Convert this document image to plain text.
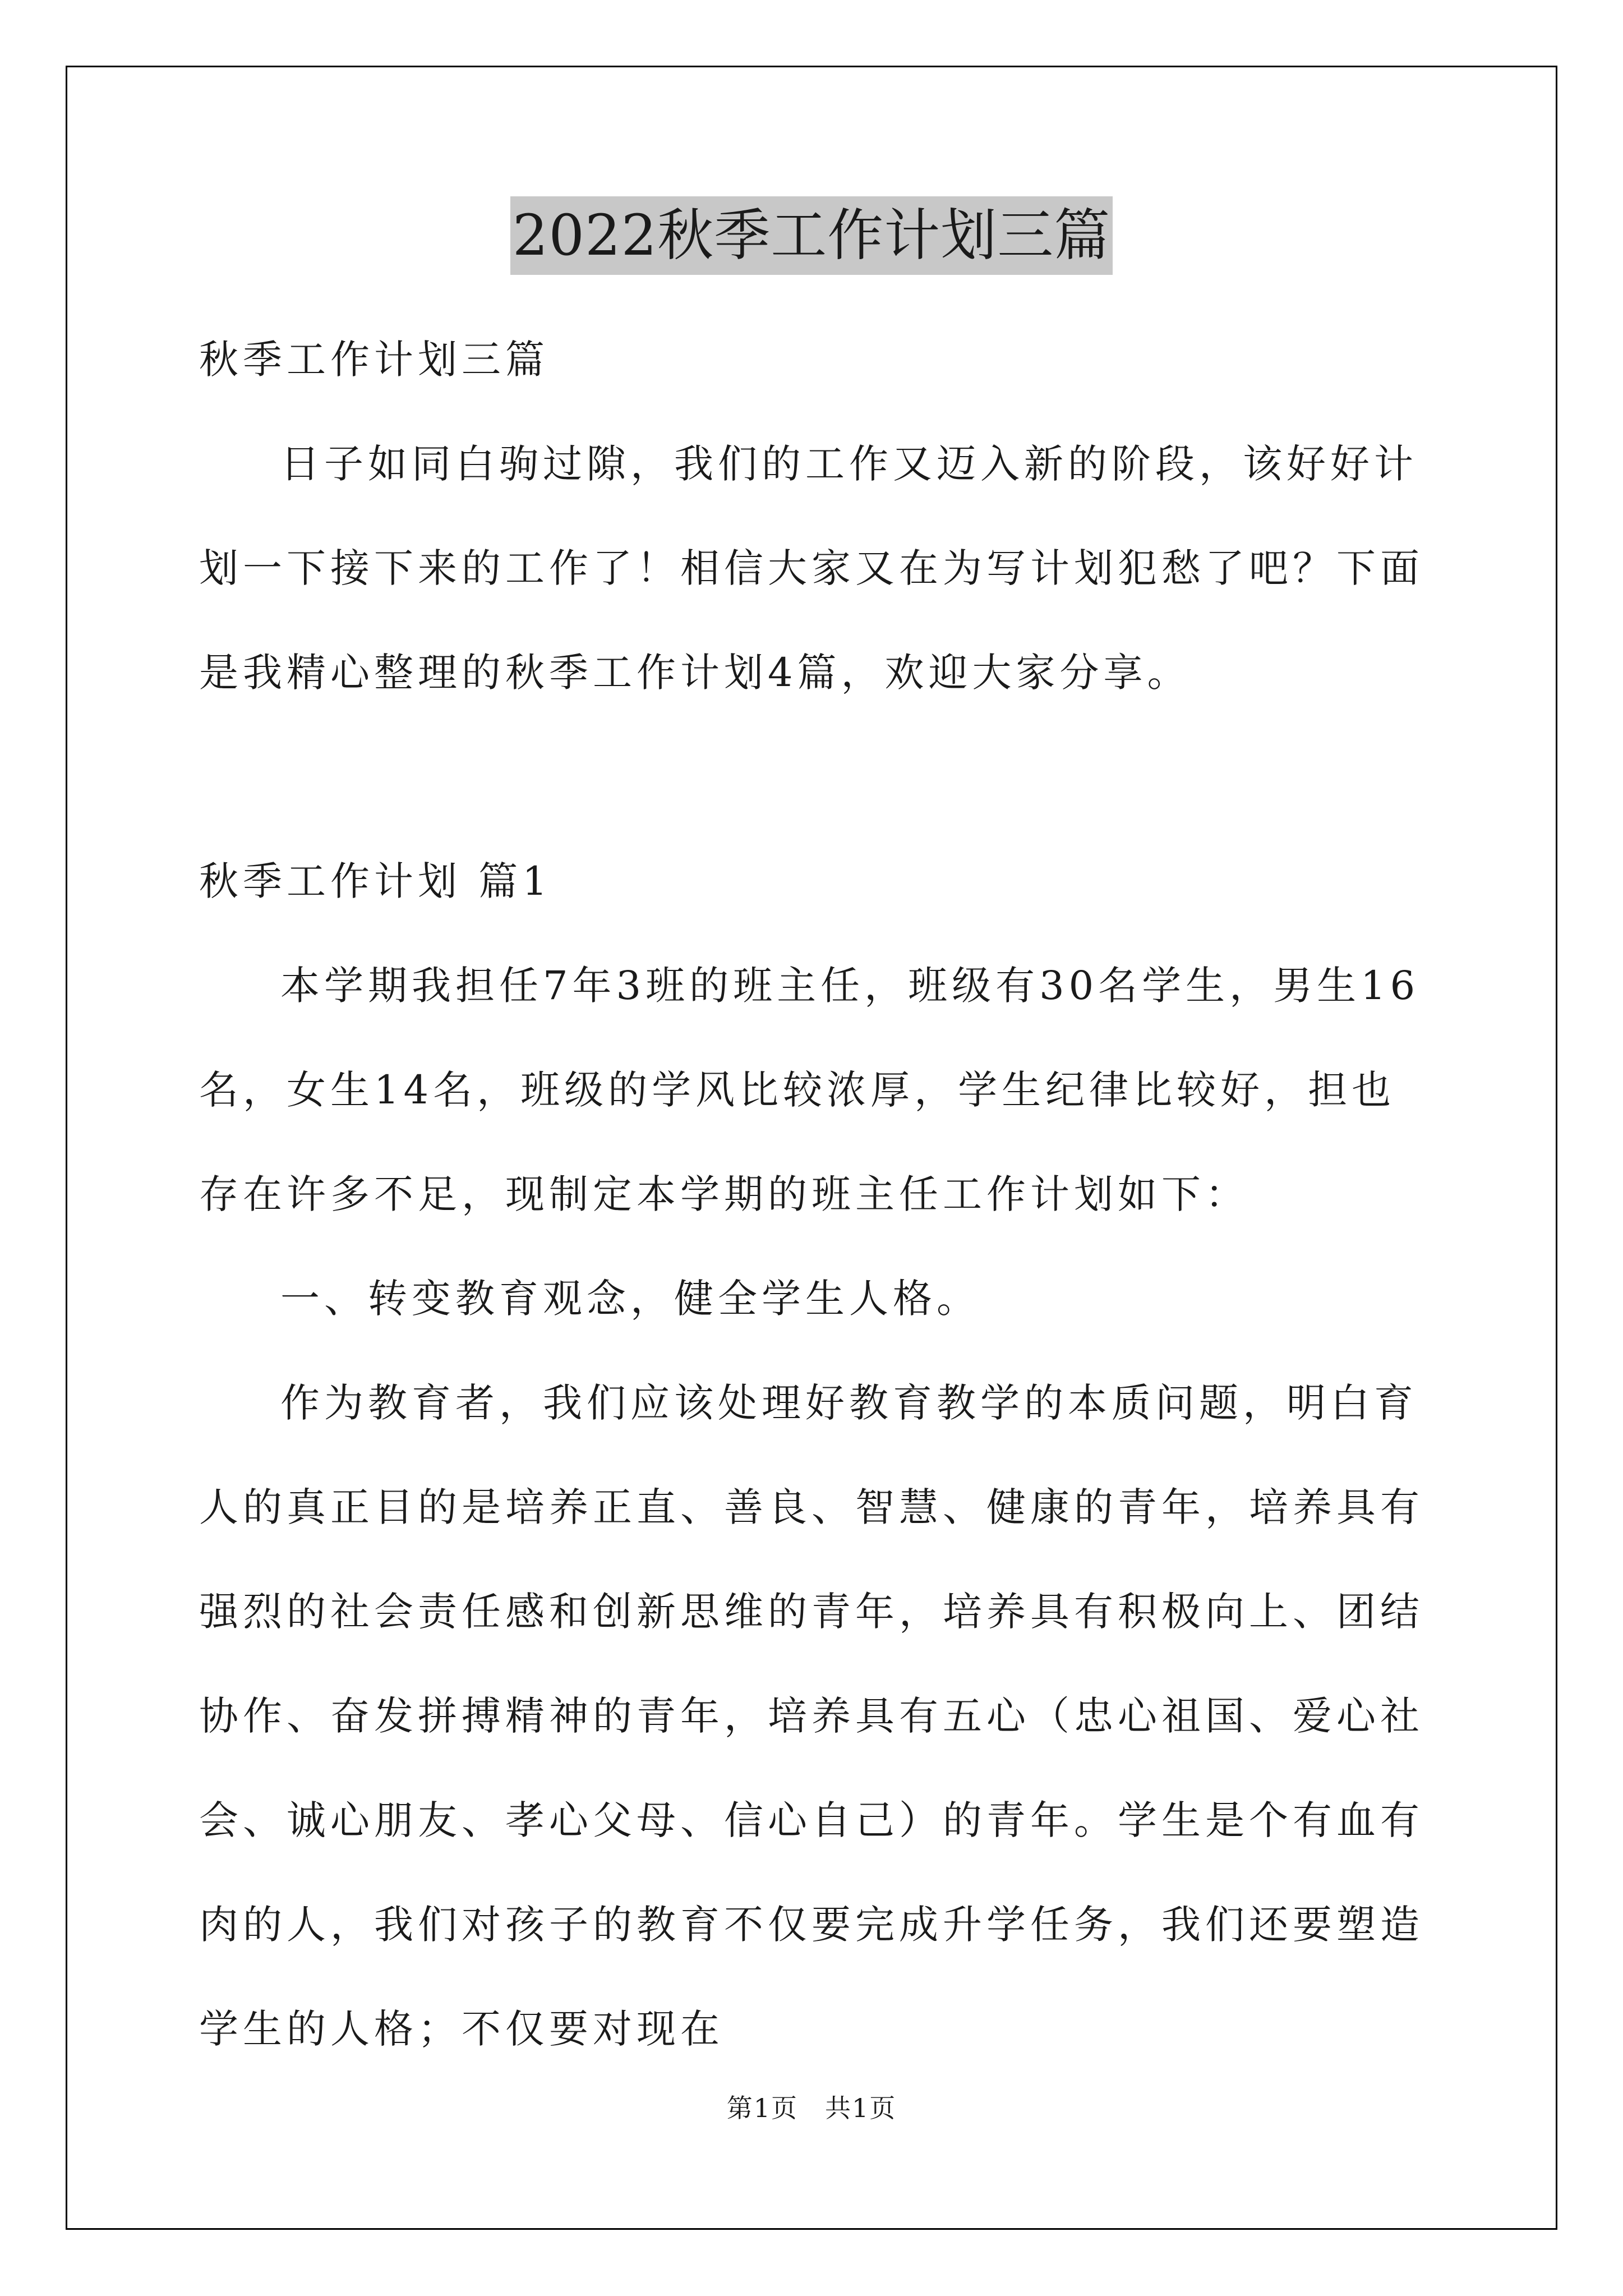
2022秋季工作计划三篇

秋季工作计划三篇

日子如同白驹过隙，我们的工作又迈入新的阶段，该好好计划一下接下来的工作了！相信大家又在为写计划犯愁了吧？下面是我精心整理的秋季工作计划4篇，欢迎大家分享。

秋季工作计划 篇1

本学期我担任7年3班的班主任，班级有30名学生，男生16名，女生14名，班级的学风比较浓厚，学生纪律比较好，担也存在许多不足，现制定本学期的班主任工作计划如下：

一、转变教育观念，健全学生人格。

作为教育者，我们应该处理好教育教学的本质问题，明白育人的真正目的是培养正直、善良、智慧、健康的青年，培养具有强烈的社会责任感和创新思维的青年，培养具有积极向上、团结协作、奋发拼搏精神的青年，培养具有五心（忠心祖国、爱心社会、诚心朋友、孝心父母、信心自己）的青年。学生是个有血有肉的人，我们对孩子的教育不仅要完成升学任务，我们还要塑造学生的人格；不仅要对现在

第1页　共1页
